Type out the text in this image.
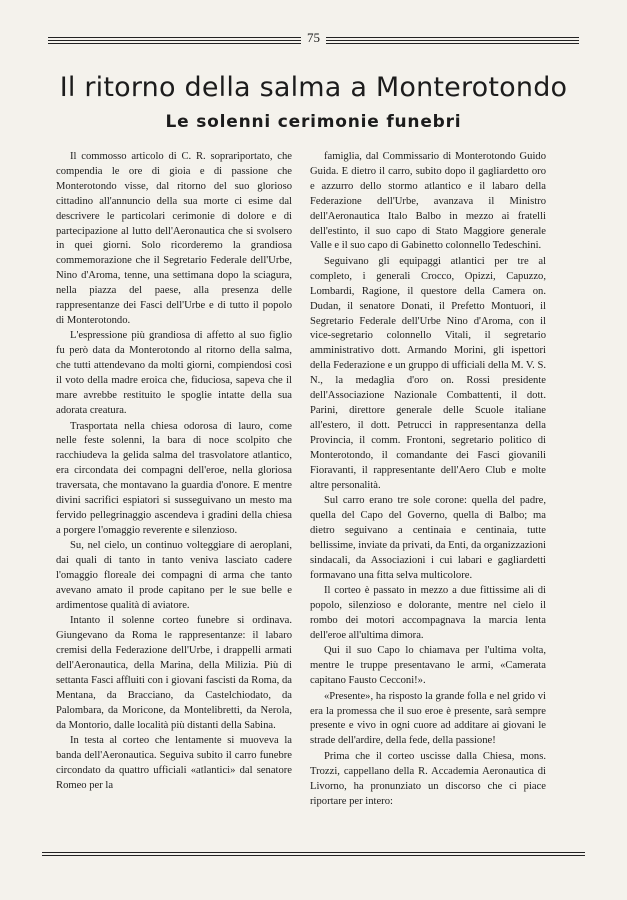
75
Il ritorno della salma a Monterotondo
Le solenni cerimonie funebri

Il commosso articolo di C. R. soprariportato, che compendia le ore di gioia e di passione che Monterotondo visse, dal ritorno del suo glorioso cittadino all'annuncio della sua morte ci esime dal descrivere le particolari cerimonie di dolore e di partecipazione al lutto dell'Aeronautica che si svolsero in quei giorni. Solo ricorderemo la grandiosa commemorazione che il Segretario Federale dell'Urbe, Nino d'Aroma, tenne, una settimana dopo la sciagura, nella piazza del paese, alla presenza delle rappresentanze dei Fasci dell'Urbe e di tutto il popolo di Monterotondo.

L'espressione più grandiosa di affetto al suo figlio fu però data da Monterotondo al ritorno della salma, che tutti attendevano da molti giorni, compiendosi così il voto della madre eroica che, fiduciosa, sapeva che il mare avrebbe restituito le spoglie intatte della sua adorata creatura.

Trasportata nella chiesa odorosa di lauro, come nelle feste solenni, la bara di noce scolpito che racchiudeva la gelida salma del trasvolatore atlantico, era circondata dei compagni dell'eroe, nella gloriosa traversata, che montavano la guardia d'onore. E mentre divini sacrifici espiatori si susseguivano un mesto ma fervido pellegrinaggio ascendeva i gradini della chiesa a porgere l'omaggio reverente e silenzioso.

Su, nel cielo, un continuo volteggiare di aeroplani, dai quali di tanto in tanto veniva lasciato cadere l'omaggio floreale dei compagni di arma che tanto avevano amato il prode capitano per le sue belle e ardimentose qualità di aviatore.

Intanto il solenne corteo funebre si ordinava. Giungevano da Roma le rappresentanze: il labaro cremisi della Federazione dell'Urbe, i drappelli armati dell'Aeronautica, della Marina, della Milizia. Più di settanta Fasci affluiti con i giovani fascisti da Roma, da Mentana, da Bracciano, da Castelchiodato, da Palombara, da Moricone, da Montelibretti, da Nerola, da Montorio, dalle località più distanti della Sabina.

In testa al corteo che lentamente si muoveva la banda dell'Aeronautica. Seguiva subito il carro funebre circondato da quattro ufficiali «atlantici» dal senatore Romeo per la

famiglia, dal Commissario di Monterotondo Guido Guida. E dietro il carro, subito dopo il gagliardetto oro e azzurro dello stormo atlantico e il labaro della Federazione dell'Urbe, avanzava il Ministro dell'Aeronautica Italo Balbo in mezzo ai fratelli dell'estinto, il suo capo di Stato Maggiore generale Valle e il suo capo di Gabinetto colonnello Tedeschini.

Seguivano gli equipaggi atlantici per tre al completo, i generali Crocco, Opizzi, Capuzzo, Lombardi, Ragione, il questore della Camera on. Dudan, il senatore Donati, il Prefetto Montuori, il Segretario Federale dell'Urbe Nino d'Aroma, con il vice-segretario colonnello Vitali, il segretario amministrativo dott. Armando Morini, gli ispettori della Federazione e un gruppo di ufficiali della M. V. S. N., la medaglia d'oro on. Rossi presidente dell'Associazione Nazionale Combattenti, il dott. Parini, direttore generale delle Scuole italiane all'estero, il dott. Petrucci in rappresentanza della Provincia, il comm. Frontoni, segretario politico di Monterotondo, il comandante dei Fasci giovanili Fioravanti, il rappresentante dell'Aero Club e molte altre personalità.

Sul carro erano tre sole corone: quella del padre, quella del Capo del Governo, quella di Balbo; ma dietro seguivano a centinaia e centinaia, tutte bellissime, inviate da privati, da Enti, da organizzazioni sindacali, da Associazioni i cui labari e gagliardetti formavano una fitta selva multicolore.

Il corteo è passato in mezzo a due fittissime ali di popolo, silenzioso e dolorante, mentre nel cielo il rombo dei motori accompagnava la marcia lenta dell'eroe all'ultima dimora.

Qui il suo Capo lo chiamava per l'ultima volta, mentre le truppe presentavano le armi, «Camerata capitano Fausto Cecconi!».

«Presente», ha risposto la grande folla e nel grido vi era la promessa che il suo eroe è presente, sarà sempre presente e vivo in ogni cuore ad additare ai giovani le strade dell'ardire, della fede, della passione!

Prima che il corteo uscisse dalla Chiesa, mons. Trozzi, cappellano della R. Accademia Aeronautica di Livorno, ha pronunziato un discorso che ci piace riportare per intero:
